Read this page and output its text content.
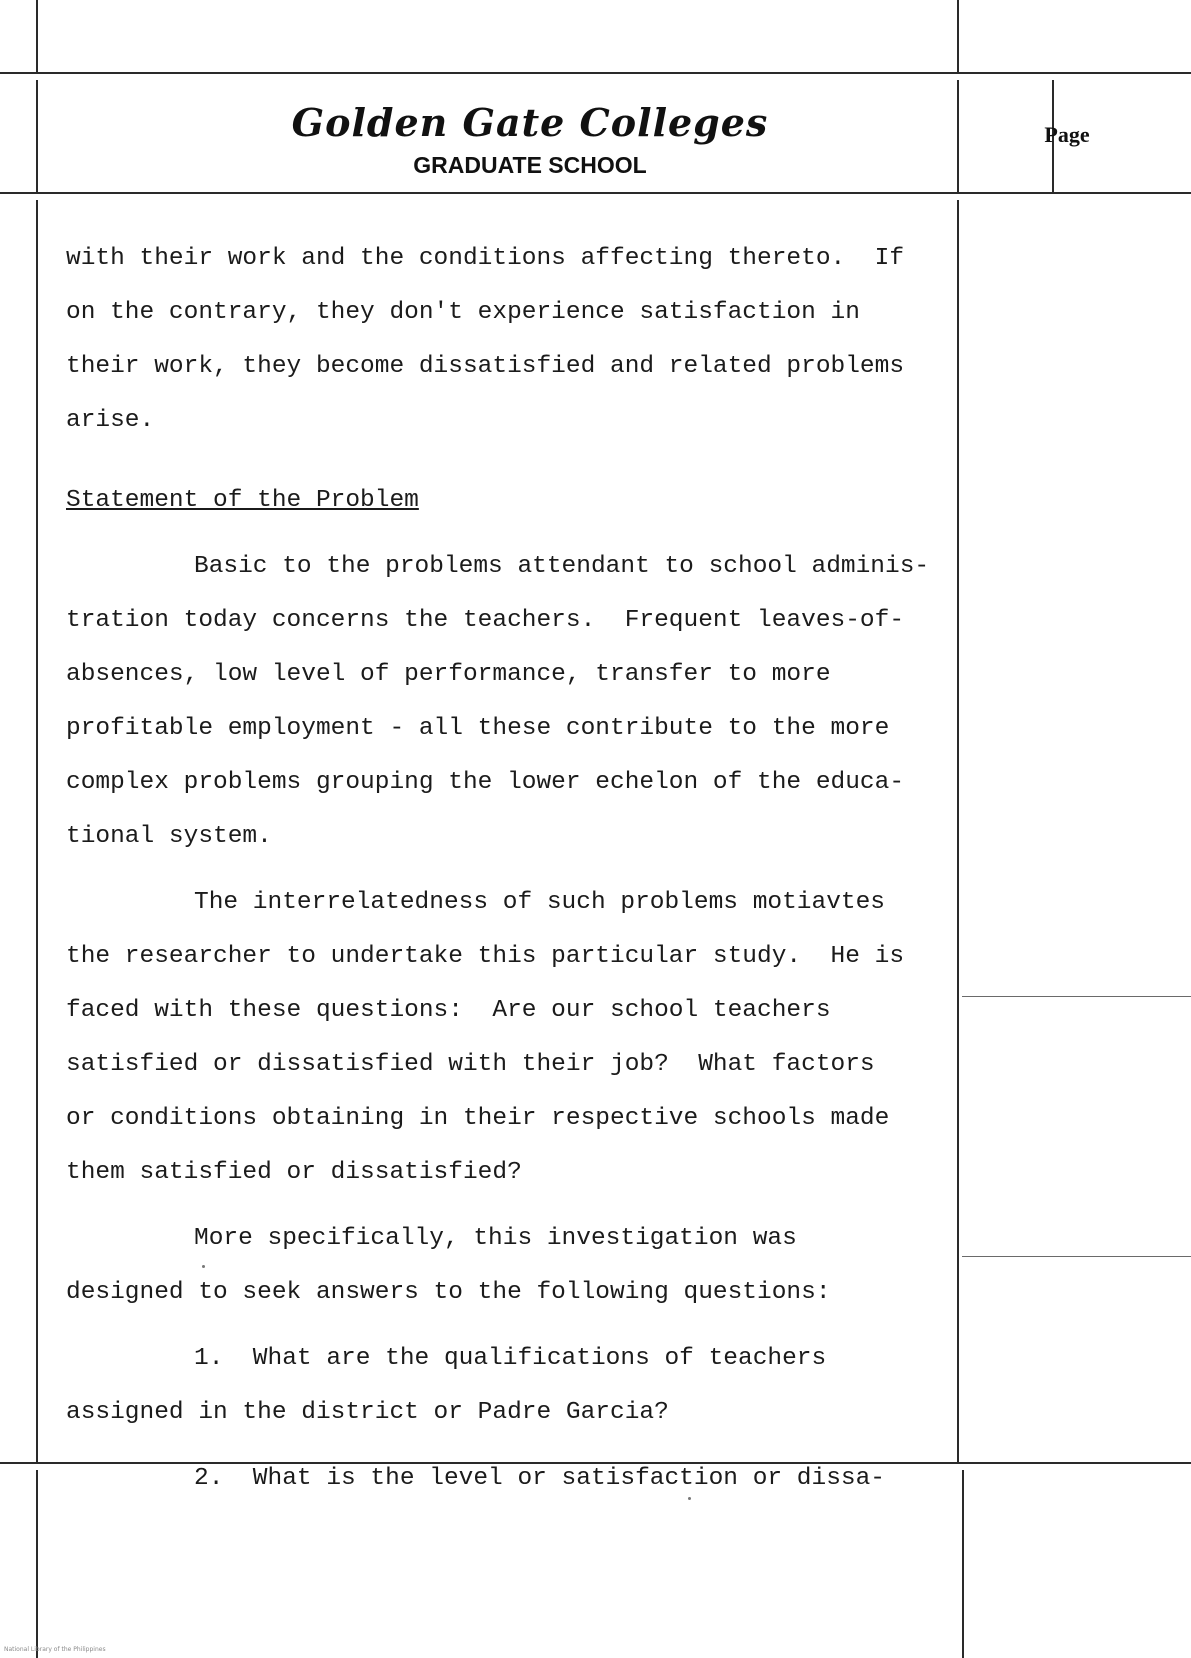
Golden Gate Colleges
GRADUATE SCHOOL
Page

with their work and the conditions affecting thereto.  If

on the contrary, they don't experience satisfaction in

their work, they become dissatisfied and related problems

arise.

Statement of the Problem

Basic to the problems attendant to school adminis-

tration today concerns the teachers.  Frequent leaves-of-

absences, low level of performance, transfer to more

profitable employment - all these contribute to the more

complex problems grouping the lower echelon of the educa-

tional system.

The interrelatedness of such problems motiavtes

the researcher to undertake this particular study.  He is

faced with these questions:  Are our school teachers

satisfied or dissatisfied with their job?  What factors

or conditions obtaining in their respective schools made

them satisfied or dissatisfied?

More specifically, this investigation was

designed to seek answers to the following questions:

1.  What are the qualifications of teachers

assigned in the district or Padre Garcia?

2.  What is the level or satisfaction or dissa-

National Library of the Philippines
